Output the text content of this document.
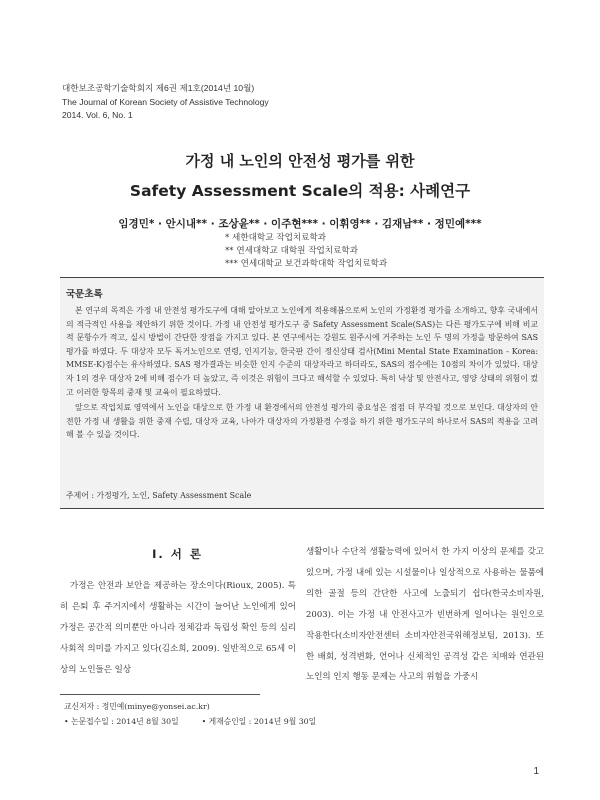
대한보조공학기술학회지 제6권 제1호(2014년 10월)
The Journal of Korean Society of Assistive Technology
2014. Vol. 6, No. 1
가정 내 노인의 안전성 평가를 위한
Safety Assessment Scale의 적용: 사례연구
임경민* · 안시내** · 조상윤** · 이주현*** · 이휘영** · 김재남** · 정민예***
* 세한대학교 작업치료학과
** 연세대학교 대학원 작업치료학과
*** 연세대학교 보건과학대학 작업치료학과
국문초록

본 연구의 목적은 가정 내 안전성 평가도구에 대해 알아보고 노인에게 적용해봄으로써 노인의 가정환경 평가를 소개하고, 향후 국내에서의 적극적인 사용을 제안하기 위한 것이다. 가정 내 안전성 평가도구 중 Safety Assessment Scale(SAS)는 다른 평가도구에 비해 비교적 문항수가 적고, 실시 방법이 간단한 장점을 가지고 있다. 본 연구에서는 강원도 원주시에 거주하는 노인 두 명의 가정을 방문하여 SAS 평가를 하였다. 두 대상자 모두 독거노인으로 연령, 인지기능, 한국판 간이 정신상태 검사(Mini Mental State Examination - Korea: MMSE-K)점수는 유사하였다. SAS 평가결과는 비슷한 인지 수준의 대상자라고 하더라도, SAS의 점수에는 10점의 차이가 있었다. 대상자 1의 경우 대상자 2에 비해 점수가 더 높았고, 즉 이것은 위험이 크다고 해석할 수 있었다. 특히 낙상 및 안전사고, 영양 상태의 위험이 컸고 이러한 항목의 중재 및 교육이 필요하였다.

앞으로 작업치료 영역에서 노인을 대상으로 한 가정 내 환경에서의 안전성 평가의 중요성은 점점 더 부각될 것으로 보인다. 대상자의 안전한 가정 내 생활을 위한 중재 수립, 대상자 교육, 나아가 대상자의 가정환경 수정을 하기 위한 평가도구의 하나로서 SAS의 적용을 고려해 볼 수 있을 것이다.

주제어 : 가정평가, 노인, Safety Assessment Scale
I. 서 론

가정은 안전과 보안을 제공하는 장소이다(Rioux, 2005). 특히 은퇴 후 주거지에서 생활하는 시간이 늘어난 노인에게 있어 가정은 공간적 의미뿐만 아니라 정체감과 독립성 확인 등의 심리사회적 의미를 가지고 있다(김소희, 2009). 일반적으로 65세 이상의 노인들은 일상

생활이나 수단적 생활능력에 있어서 한 가지 이상의 문제를 갖고 있으며, 가정 내에 있는 시설물이나 일상적으로 사용하는 물품에 의한 골절 등의 간단한 사고에 노출되기 쉽다(한국소비자원, 2003). 이는 가정 내 안전사고가 빈번하게 일어나는 원인으로 작용한다(소비자안전센터 소비자안전국위해정보팀, 2013). 또한 배회, 성격변화, 언어나 신체적인 공격성 같은 치매와 연관된 노인의 인지 행동 문제는 사고의 위험을 가중시

교신저자 : 정민예(minye@yonsei.ac.kr)
• 논문접수일 : 2014년 8월 30일	• 게재승인일 : 2014년 9월 30일
1
